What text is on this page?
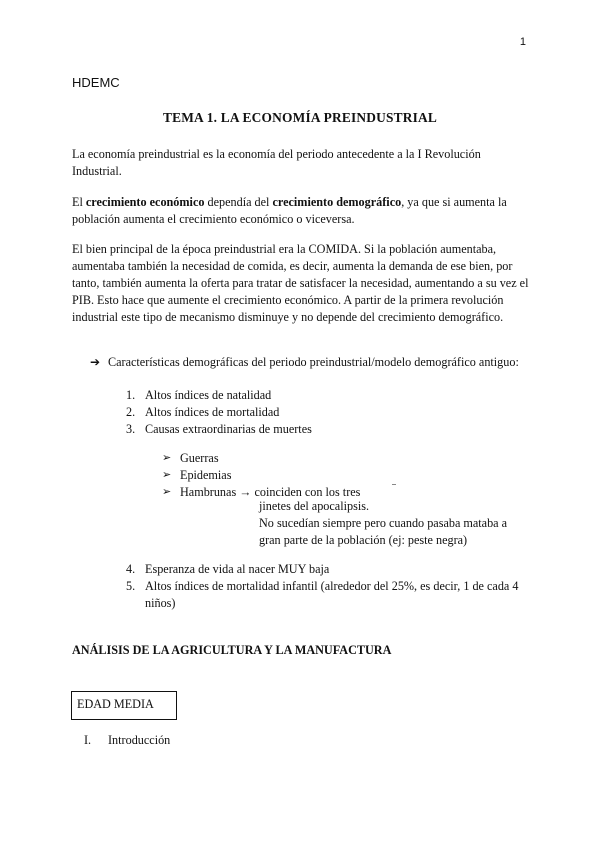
1
HDEMC
TEMA 1. LA ECONOMÍA PREINDUSTRIAL
La economía preindustrial es la economía del periodo antecedente a la I Revolución
Industrial.
El crecimiento económico dependía del crecimiento demográfico, ya que si aumenta la
población aumenta el crecimiento económico o viceversa.
El bien principal de la época preindustrial era la COMIDA. Si la población aumentaba,
aumentaba también la necesidad de comida, es decir, aumenta la demanda de ese bien, por
tanto, también aumenta la oferta para tratar de satisfacer la necesidad, aumentando a su vez el
PIB. Esto hace que aumente el crecimiento económico. A partir de la primera revolución
industrial este tipo de mecanismo disminuye y no depende del crecimiento demográfico.
➔ Características demográficas del periodo preindustrial/modelo demográfico antiguo:
1. Altos índices de natalidad
2. Altos índices de mortalidad
3. Causas extraordinarias de muertes
➢ Guerras
➢ Epidemias
➢ Hambrunas → coinciden con los tres
jinetes del apocalipsis.
No sucedían siempre pero cuando pasaba mataba a
gran parte de la población (ej: peste negra)
4. Esperanza de vida al nacer MUY baja
5. Altos índices de mortalidad infantil (alrededor del 25%, es decir, 1 de cada 4
niños)
ANÁLISIS DE LA AGRICULTURA Y LA MANUFACTURA
EDAD MEDIA
I. Introducción
